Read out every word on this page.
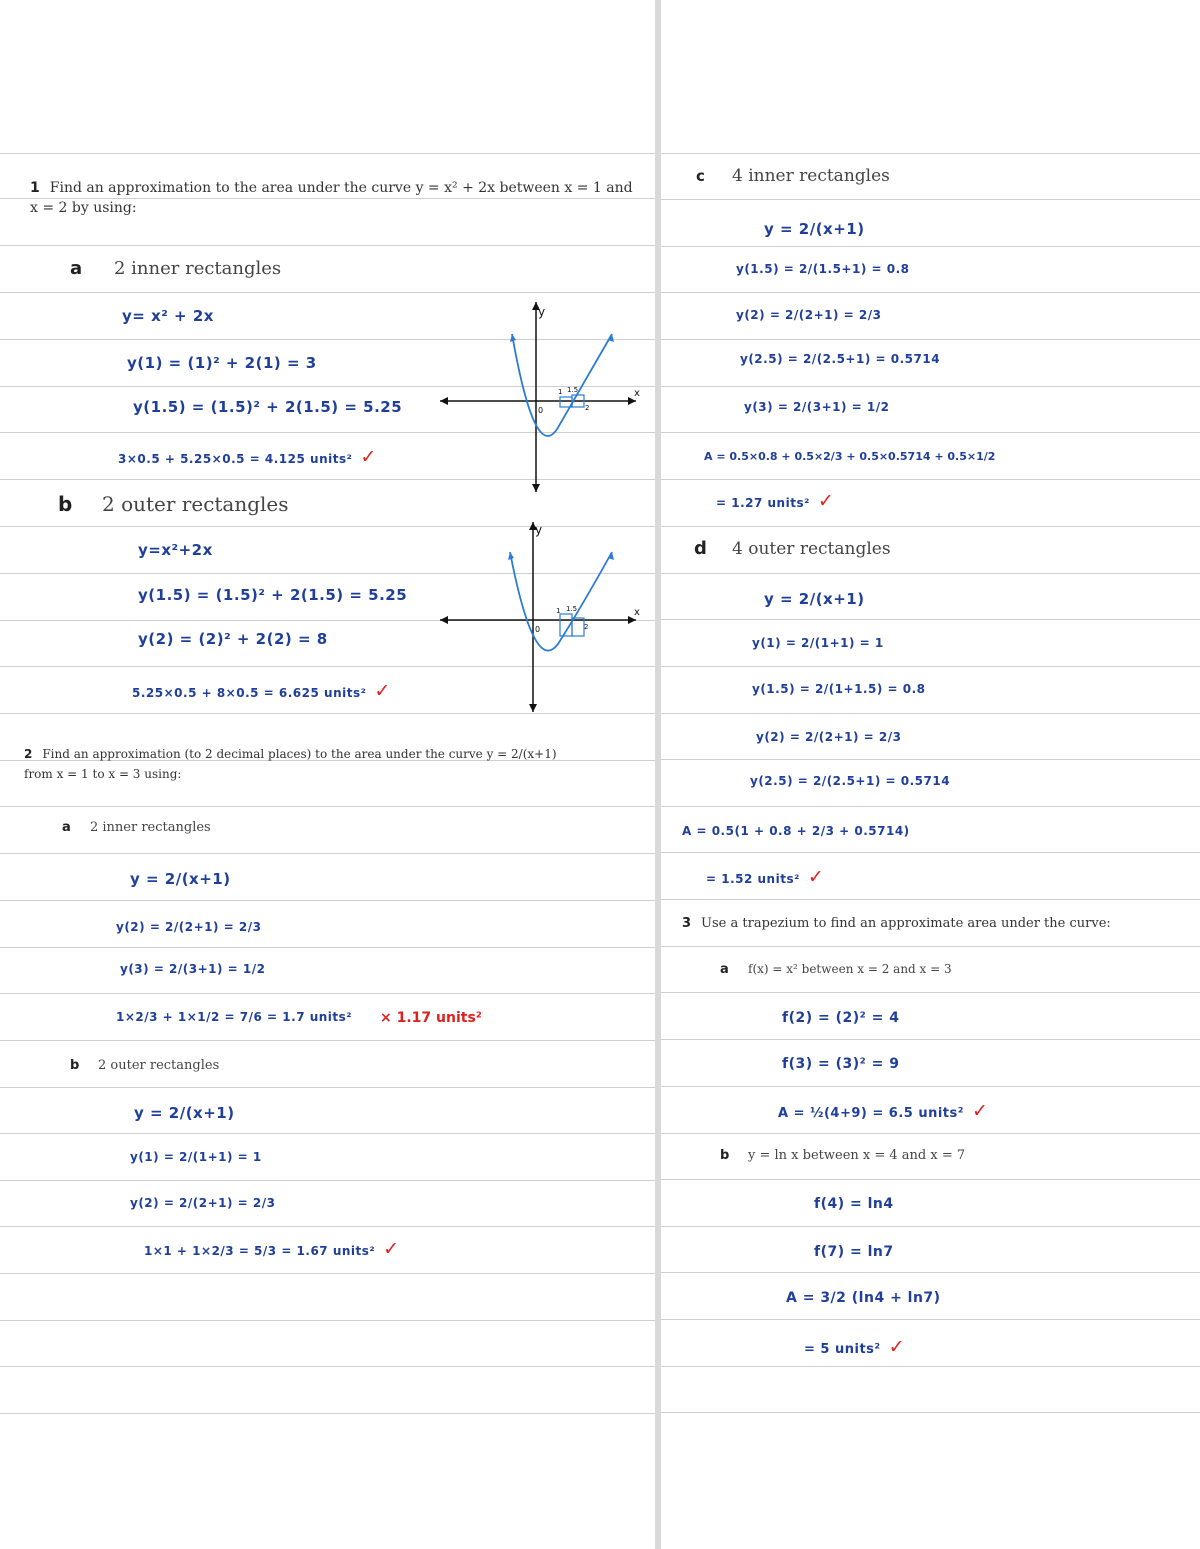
1 Find an approximation to the area under the curve y = x² + 2x between x = 1 and x = 2 by using:
a 2 inner rectangles
y= x² + 2x
y(1) = (1)² + 2(1) = 3
y(1.5) = (1.5)² + 2(1.5) = 5.25
3×0.5 + 5.25×0.5 = 4.125 units² ✓
b 2 outer rectangles
y=x²+2x
y(1.5) = (1.5)² + 2(1.5) = 5.25
y(2) = (2)² + 2(2) = 8
5.25×0.5 + 8×0.5 = 6.625 units² ✓
y
x
0
1 1.5
2
y
x
0
1 1.5
2
2 Find an approximation (to 2 decimal places) to the area under the curve y = 2/(x+1) from x = 1 to x = 3 using:
a 2 inner rectangles
y = 2/(x+1)
y(2) = 2/(2+1) = 2/3
y(3) = 2/(3+1) = 1/2
1×2/3 + 1×1/2 = 7/6 = 1.7 units² × 1.17 units²
b 2 outer rectangles
y = 2/(x+1)
y(1) = 2/(1+1) = 1
y(2) = 2/(2+1) = 2/3
1×1 + 1×2/3 = 5/3 = 1.67 units² ✓
c 4 inner rectangles
y = 2/(x+1)
y(1.5) = 2/(1.5+1) = 0.8
y(2) = 2/(2+1) = 2/3
y(2.5) = 2/(2.5+1) = 0.5714
y(3) = 2/(3+1) = 1/2
A = 0.5×0.8 + 0.5×2/3 + 0.5×0.5714 + 0.5×1/2
= 1.27 units² ✓
d 4 outer rectangles
y = 2/(x+1)
y(1) = 2/(1+1) = 1
y(1.5) = 2/(1+1.5) = 0.8
y(2) = 2/(2+1) = 2/3
y(2.5) = 2/(2.5+1) = 0.5714
A = 0.5(1 + 0.8 + 2/3 + 0.5714)
= 1.52 units² ✓
3 Use a trapezium to find an approximate area under the curve:
a f(x) = x² between x = 2 and x = 3
f(2) = (2)² = 4
f(3) = (3)² = 9
A = ½(4+9) = 6.5 units² ✓
b y = ln x between x = 4 and x = 7
f(4) = ln4
f(7) = ln7
A = 3/2 (ln4 + ln7)
= 5 units² ✓
